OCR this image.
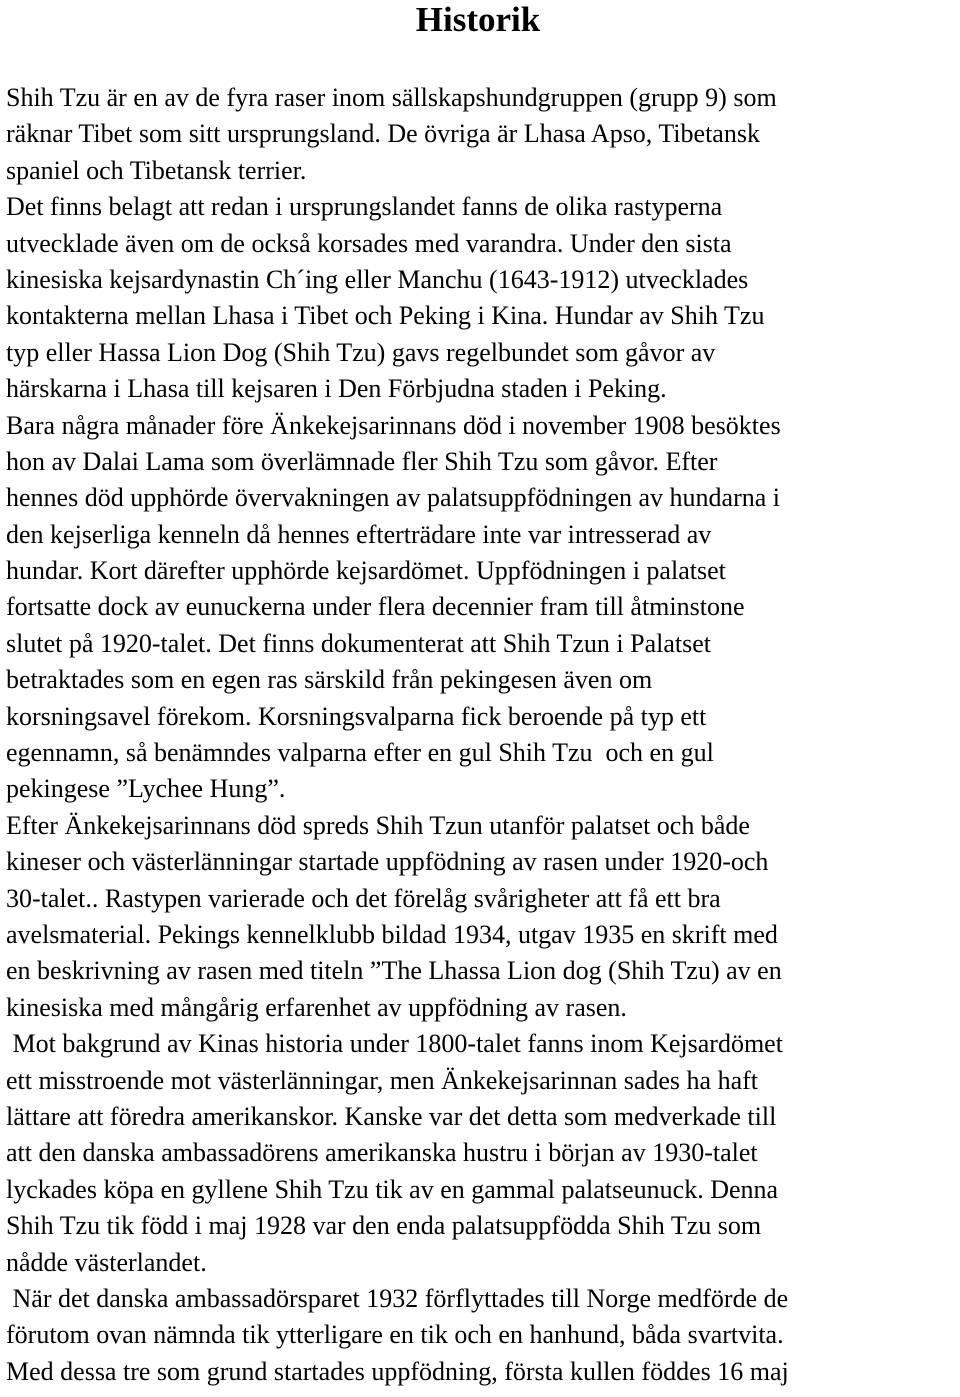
Historik
Shih Tzu är en av de fyra raser inom sällskapshundgruppen (grupp 9) som
räknar Tibet som sitt ursprungsland. De övriga är Lhasa Apso, Tibetansk
spaniel och Tibetansk terrier.
Det finns belagt att redan i ursprungslandet fanns de olika rastyperna
utvecklade även om de också korsades med varandra. Under den sista
kinesiska kejsardynastin Ch´ing eller Manchu (1643-1912) utvecklades
kontakterna mellan Lhasa i Tibet och Peking i Kina. Hundar av Shih Tzu
typ eller Hassa Lion Dog (Shih Tzu) gavs regelbundet som gåvor av
härskarna i Lhasa till kejsaren i Den Förbjudna staden i Peking.
Bara några månader före Änkekejsarinnans död i november 1908 besöktes
hon av Dalai Lama som överlämnade fler Shih Tzu som gåvor. Efter
hennes död upphörde övervakningen av palatsuppfödningen av hundarna i
den kejserliga kenneln då hennes efterträdare inte var intresserad av
hundar. Kort därefter upphörde kejsardömet. Uppfödningen i palatset
fortsatte dock av eunuckerna under flera decennier fram till åtminstone
slutet på 1920-talet. Det finns dokumenterat att Shih Tzun i Palatset
betraktades som en egen ras särskild från pekingesen även om
korsningsavel förekom. Korsningsvalparna fick beroende på typ ett
egennamn, så benämndes valparna efter en gul Shih Tzu  och en gul
pekingese ”Lychee Hung”.
Efter Änkekejsarinnans död spreds Shih Tzun utanför palatset och både
kineser och västerlänningar startade uppfödning av rasen under 1920-och
30-talet.. Rastypen varierade och det förelåg svårigheter att få ett bra
avelsmaterial. Pekings kennelklubb bildad 1934, utgav 1935 en skrift med
en beskrivning av rasen med titeln ”The Lhassa Lion dog (Shih Tzu) av en
kinesiska med mångårig erfarenhet av uppfödning av rasen.
Mot bakgrund av Kinas historia under 1800-talet fanns inom Kejsardömet
ett misstroende mot västerlänningar, men Änkekejsarinnan sades ha haft
lättare att föredra amerikanskor. Kanske var det detta som medverkade till
att den danska ambassadörens amerikanska hustru i början av 1930-talet
lyckades köpa en gyllene Shih Tzu tik av en gammal palatseunuck. Denna
Shih Tzu tik född i maj 1928 var den enda palatsuppfödda Shih Tzu som
nådde västerlandet.
När det danska ambassadörsparet 1932 förflyttades till Norge medförde de
förutom ovan nämnda tik ytterligare en tik och en hanhund, båda svartvita.
Med dessa tre som grund startades uppfödning, första kullen föddes 16 maj
